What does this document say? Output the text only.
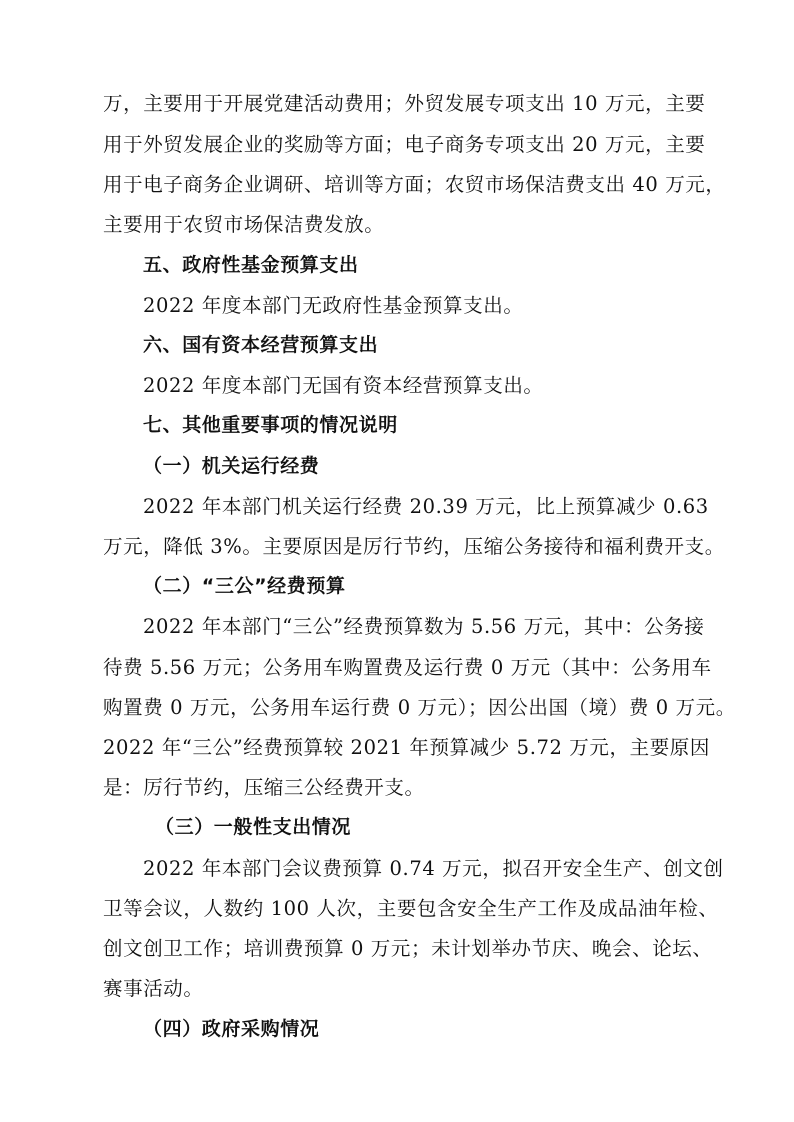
万，主要用于开展党建活动费用；外贸发展专项支出 10 万元，主要
用于外贸发展企业的奖励等方面；电子商务专项支出 20 万元，主要
用于电子商务企业调研、培训等方面；农贸市场保洁费支出 40 万元，
主要用于农贸市场保洁费发放。
五、政府性基金预算支出
2022 年度本部门无政府性基金预算支出。
六、国有资本经营预算支出
2022 年度本部门无国有资本经营预算支出。
七、其他重要事项的情况说明
（一）机关运行经费
2022 年本部门机关运行经费 20.39 万元，比上预算减少 0.63
万元，降低 3%。主要原因是厉行节约，压缩公务接待和福利费开支。
（二）“三公”经费预算
2022 年本部门“三公”经费预算数为 5.56 万元，其中：公务接
待费 5.56 万元；公务用车购置费及运行费 0 万元（其中：公务用车
购置费 0 万元，公务用车运行费 0 万元）；因公出国（境）费 0 万元。
2022 年“三公”经费预算较 2021 年预算减少 5.72 万元，主要原因
是：厉行节约，压缩三公经费开支。
（三）一般性支出情况
2022 年本部门会议费预算 0.74 万元，拟召开安全生产、创文创
卫等会议，人数约 100 人次，主要包含安全生产工作及成品油年检、
创文创卫工作；培训费预算 0 万元；未计划举办节庆、晚会、论坛、
赛事活动。
（四）政府采购情况
